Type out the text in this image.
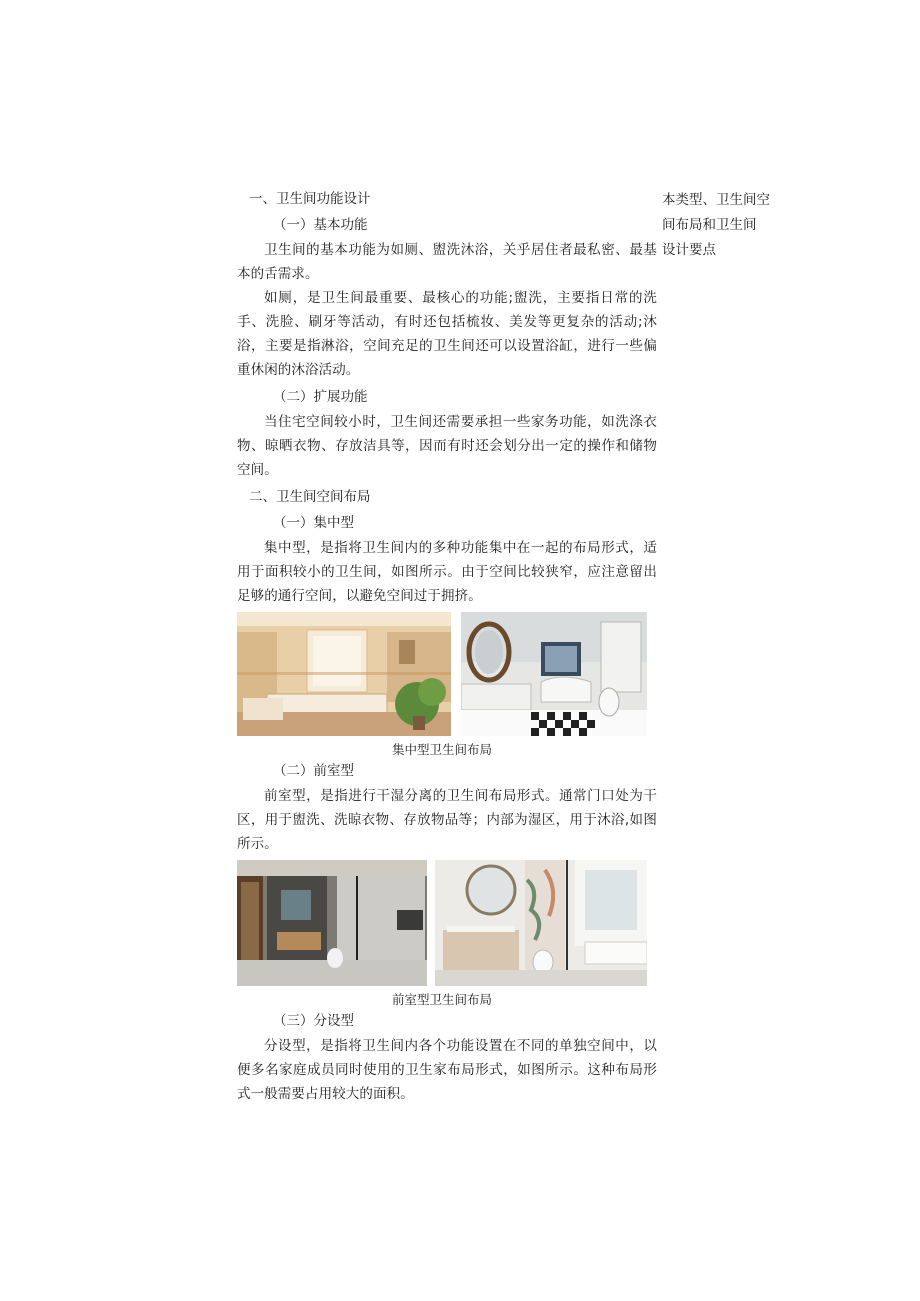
本类型、卫生间空间布局和卫生间 设计要点
一、卫生间功能设计
（一）基本功能
卫生间的基本功能为如厕、盥洗沐浴，关乎居住者最私密、最基本的舌需求。
如厕，是卫生间最重要、最核心的功能;盥洗，主要指日常的洗手、洗脸、刷牙等活动，有时还包括梳妆、美发等更复杂的活动;沐浴，主要是指淋浴，空间充足的卫生间还可以设置浴缸，进行一些偏重休闲的沐浴活动。
（二）扩展功能
当住宅空间较小时，卫生间还需要承担一些家务功能，如洗涤衣物、晾晒衣物、存放洁具等，因而有时还会划分出一定的操作和储物空间。
二、卫生间空间布局
（一）集中型
集中型，是指将卫生间内的多种功能集中在一起的布局形式，适用于面积较小的卫生间，如图所示。由于空间比较狭窄，应注意留出足够的通行空间，以避免空间过于拥挤。
集中型卫生间布局
（二）前室型
前室型，是指进行干湿分离的卫生间布局形式。通常门口处为干区，用于盥洗、洗晾衣物、存放物品等；内部为湿区，用于沐浴,如图所示。
前室型卫生间布局
（三）分设型
分设型，是指将卫生间内各个功能设置在不同的单独空间中，以便多名家庭成员同时使用的卫生家布局形式，如图所示。这种布局形式一般需要占用较大的面积。
